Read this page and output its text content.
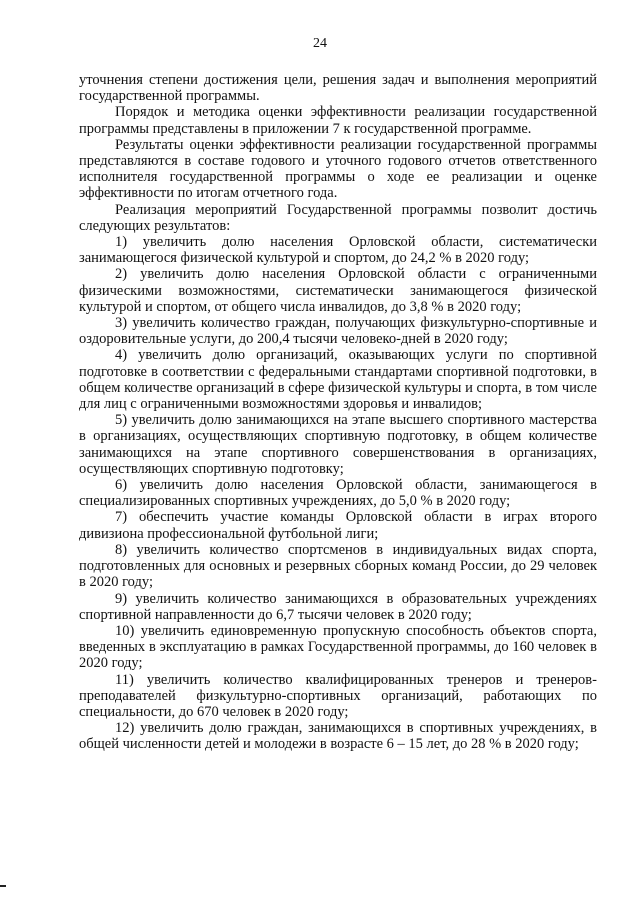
24

уточнения степени достижения цели, решения задач и выполнения мероприятий государственной программы.

Порядок и методика оценки эффективности реализации государственной программы представлены в приложении 7 к государственной программе.

Результаты оценки эффективности реализации государственной программы представляются в составе годового и уточного годового отчетов ответственного исполнителя государственной программы о ходе ее реализации и оценке эффективности по итогам отчетного года.

Реализация мероприятий Государственной программы позволит достичь следующих результатов:

1) увеличить долю населения Орловской области, систематически занимающегося физической культурой и спортом, до 24,2 % в 2020 году;

2) увеличить долю населения Орловской области с ограниченными физическими возможностями, систематически занимающегося физической культурой и спортом, от общего числа инвалидов, до 3,8 % в 2020 году;

3) увеличить количество граждан, получающих физкультурно-спортивные и оздоровительные услуги, до 200,4 тысячи человеко-дней в 2020 году;

4) увеличить долю организаций, оказывающих услуги по спортивной подготовке в соответствии с федеральными стандартами спортивной подготовки, в общем количестве организаций в сфере физической культуры и спорта, в том числе для лиц с ограниченными возможностями здоровья и инвалидов;

5) увеличить долю занимающихся на этапе высшего спортивного мастерства в организациях, осуществляющих спортивную подготовку, в общем количестве занимающихся на этапе спортивного совершенствования в организациях, осуществляющих спортивную подготовку;

6) увеличить долю населения Орловской области, занимающегося в специализированных спортивных учреждениях, до 5,0 % в 2020 году;

7) обеспечить участие команды Орловской области в играх второго дивизиона профессиональной футбольной лиги;

8) увеличить количество спортсменов в индивидуальных видах спорта, подготовленных для основных и резервных сборных команд России, до 29 человек в 2020 году;

9) увеличить количество занимающихся в образовательных учреждениях спортивной направленности до 6,7 тысячи человек в 2020 году;

10) увеличить единовременную пропускную способность объектов спорта, введенных в эксплуатацию в рамках Государственной программы, до 160 человек в 2020 году;

11) увеличить количество квалифицированных тренеров и тренеров-преподавателей физкультурно-спортивных организаций, работающих по специальности, до 670 человек в 2020 году;

12) увеличить долю граждан, занимающихся в спортивных учреждениях, в общей численности детей и молодежи в возрасте 6 – 15 лет, до 28 % в 2020 году;
